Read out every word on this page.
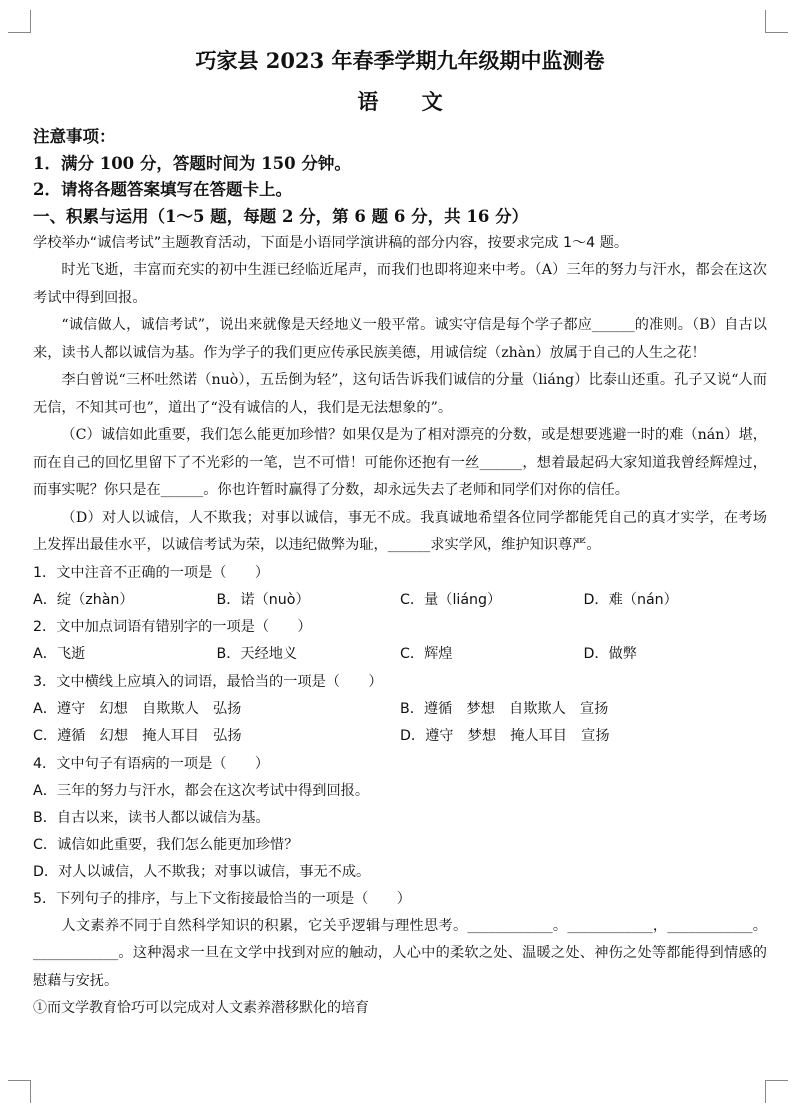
巧家县 2023 年春季学期九年级期中监测卷
语 文
注意事项：
1．满分 100 分，答题时间为 150 分钟。
2．请将各题答案填写在答题卡上。
一、积累与运用（1～5 题，每题 2 分，第 6 题 6 分，共 16 分）
学校举办“诚信考试”主题教育活动，下面是小语同学演讲稿的部分内容，按要求完成 1～4 题。

时光飞逝，丰富而充实的初中生涯已经临近尾声，而我们也即将迎来中考。（A）三年的努力与汗水，都会在这次考试中得到回报。

“诚信做人，诚信考试”，说出来就像是天经地义一般平常。诚实守信是每个学子都应______的准则。（B）自古以来，读书人都以诚信为基。作为学子的我们更应传承民族美德，用诚信绽（zhàn）放属于自己的人生之花！

李白曾说“三杯吐然诺（nuò），五岳倒为轻”，这句话告诉我们诚信的分量（liáng）比泰山还重。孔子又说“人而无信，不知其可也”，道出了“没有诚信的人，我们是无法想象的”。

（C）诚信如此重要，我们怎么能更加珍惜？如果仅是为了相对漂亮的分数，或是想要逃避一时的难（nán）堪，而在自己的回忆里留下了不光彩的一笔，岂不可惜！可能你还抱有一丝______，想着最起码大家知道我曾经辉煌过，而事实呢？你只是在______。你也许暂时赢得了分数，却永远失去了老师和同学们对你的信任。

（D）对人以诚信，人不欺我；对事以诚信，事无不成。我真诚地希望各位同学都能凭自己的真才实学，在考场上发挥出最佳水平，以诚信考试为荣，以违纪做弊为耻，______求实学风，维护知识尊严。

1．文中注音不正确的一项是（　　）
A．绽（zhàn）	B．诺（nuò）	C．量（liáng）	D．难（nán）
2．文中加点词语有错别字的一项是（　　）
A．飞逝	B．天经地义	C．辉煌	D．做弊
3．文中横线上应填入的词语，最恰当的一项是（　　）
A．遵守　幻想　自欺欺人　弘扬	B．遵循　梦想　自欺欺人　宣扬
C．遵循　幻想　掩人耳目　弘扬	D．遵守　梦想　掩人耳目　宣扬
4．文中句子有语病的一项是（　　）
A．三年的努力与汗水，都会在这次考试中得到回报。
B．自古以来，读书人都以诚信为基。
C．诚信如此重要，我们怎么能更加珍惜？
D．对人以诚信，人不欺我；对事以诚信，事无不成。
5．下列句子的排序，与上下文衔接最恰当的一项是（　　）

人文素养不同于自然科学知识的积累，它关乎逻辑与理性思考。____________。____________，____________。____________。这种渴求一旦在文学中找到对应的触动，人心中的柔软之处、温暖之处、神伤之处等都能得到情感的慰藉与安抚。

①而文学教育恰巧可以完成对人文素养潜移默化的培育
